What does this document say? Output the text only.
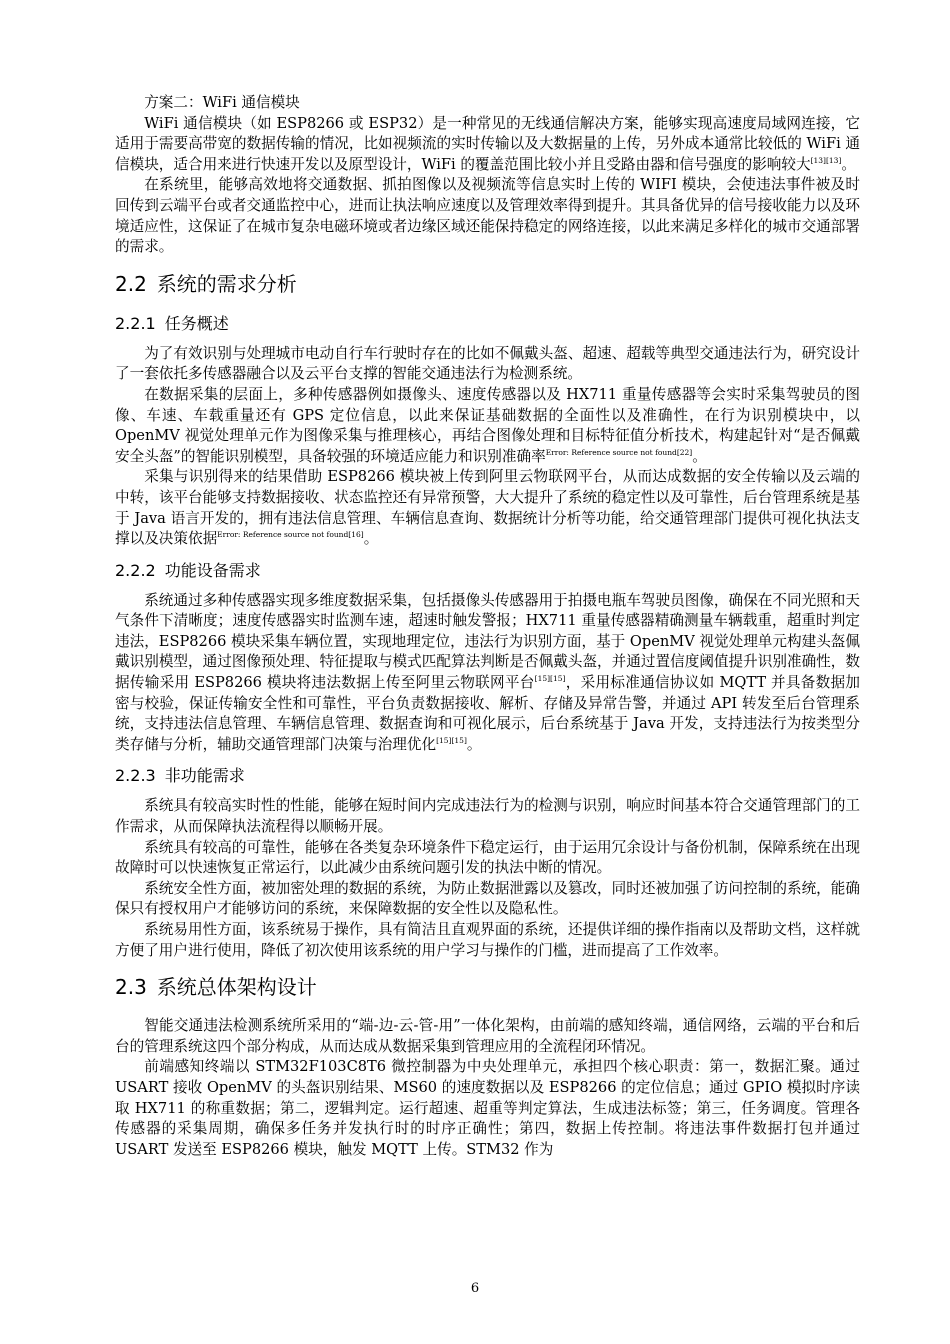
方案二：WiFi 通信模块

WiFi 通信模块（如 ESP8266 或 ESP32）是一种常见的无线通信解决方案，能够实现高速度局域网连接，它适用于需要高带宽的数据传输的情况，比如视频流的实时传输以及大数据量的上传，另外成本通常比较低的 WiFi 通信模块，适合用来进行快速开发以及原型设计，WiFi 的覆盖范围比较小并且受路由器和信号强度的影响较大[13][13]。

在系统里，能够高效地将交通数据、抓拍图像以及视频流等信息实时上传的 WIFI 模块，会使违法事件被及时回传到云端平台或者交通监控中心，进而让执法响应速度以及管理效率得到提升。其具备优异的信号接收能力以及环境适应性，这保证了在城市复杂电磁环境或者边缘区域还能保持稳定的网络连接，以此来满足多样化的城市交通部署的需求。

2.2 系统的需求分析
2.2.1 任务概述

为了有效识别与处理城市电动自行车行驶时存在的比如不佩戴头盔、超速、超载等典型交通违法行为，研究设计了一套依托多传感器融合以及云平台支撑的智能交通违法行为检测系统。

在数据采集的层面上，多种传感器例如摄像头、速度传感器以及 HX711 重量传感器等会实时采集驾驶员的图像、车速、车载重量还有 GPS 定位信息，以此来保证基础数据的全面性以及准确性，在行为识别模块中，以 OpenMV 视觉处理单元作为图像采集与推理核心，再结合图像处理和目标特征值分析技术，构建起针对“是否佩戴安全头盔”的智能识别模型，具备较强的环境适应能力和识别准确率$^{Error: Reference source not found[22]}$。

采集与识别得来的结果借助 ESP8266 模块被上传到阿里云物联网平台，从而达成数据的安全传输以及云端的中转，该平台能够支持数据接收、状态监控还有异常预警，大大提升了系统的稳定性以及可靠性，后台管理系统是基于 Java 语言开发的，拥有违法信息管理、车辆信息查询、数据统计分析等功能，给交通管理部门提供可视化执法支撑以及决策依据$^{Error: Reference source not found[16]}$。

2.2.2 功能设备需求

系统通过多种传感器实现多维度数据采集，包括摄像头传感器用于拍摄电瓶车驾驶员图像，确保在不同光照和天气条件下清晰度；速度传感器实时监测车速，超速时触发警报；HX711 重量传感器精确测量车辆载重，超重时判定违法，ESP8266 模块采集车辆位置，实现地理定位，违法行为识别方面，基于 OpenMV 视觉处理单元构建头盔佩戴识别模型，通过图像预处理、特征提取与模式匹配算法判断是否佩戴头盔，并通过置信度阈值提升识别准确性，数据传输采用 ESP8266 模块将违法数据上传至阿里云物联网平台[15][15]，采用标准通信协议如 MQTT 并具备数据加密与校验，保证传输安全性和可靠性，平台负责数据接收、解析、存储及异常告警，并通过 API 转发至后台管理系统，支持违法信息管理、车辆信息管理、数据查询和可视化展示，后台系统基于 Java 开发，支持违法行为按类型分类存储与分析，辅助交通管理部门决策与治理优化[15][15]。

2.2.3 非功能需求

系统具有较高实时性的性能，能够在短时间内完成违法行为的检测与识别，响应时间基本符合交通管理部门的工作需求，从而保障执法流程得以顺畅开展。

系统具有较高的可靠性，能够在各类复杂环境条件下稳定运行，由于运用冗余设计与备份机制，保障系统在出现故障时可以快速恢复正常运行，以此减少由系统问题引发的执法中断的情况。

系统安全性方面，被加密处理的数据的系统，为防止数据泄露以及篡改，同时还被加强了访问控制的系统，能确保只有授权用户才能够访问的系统，来保障数据的安全性以及隐私性。

系统易用性方面，该系统易于操作，具有简洁且直观界面的系统，还提供详细的操作指南以及帮助文档，这样就方便了用户进行使用，降低了初次使用该系统的用户学习与操作的门槛，进而提高了工作效率。

2.3 系统总体架构设计

智能交通违法检测系统所采用的“端-边-云-管-用”一体化架构，由前端的感知终端，通信网络，云端的平台和后台的管理系统这四个部分构成，从而达成从数据采集到管理应用的全流程闭环情况。

前端感知终端以 STM32F103C8T6 微控制器为中央处理单元，承担四个核心职责：第一，数据汇聚。通过 USART 接收 OpenMV 的头盔识别结果、MS60 的速度数据以及 ESP8266 的定位信息；通过 GPIO 模拟时序读取 HX711 的称重数据；第二，逻辑判定。运行超速、超重等判定算法，生成违法标签；第三，任务调度。管理各传感器的采集周期，确保多任务并发执行时的时序正确性；第四，数据上传控制。将违法事件数据打包并通过 USART 发送至 ESP8266 模块，触发 MQTT 上传。STM32 作为

6
